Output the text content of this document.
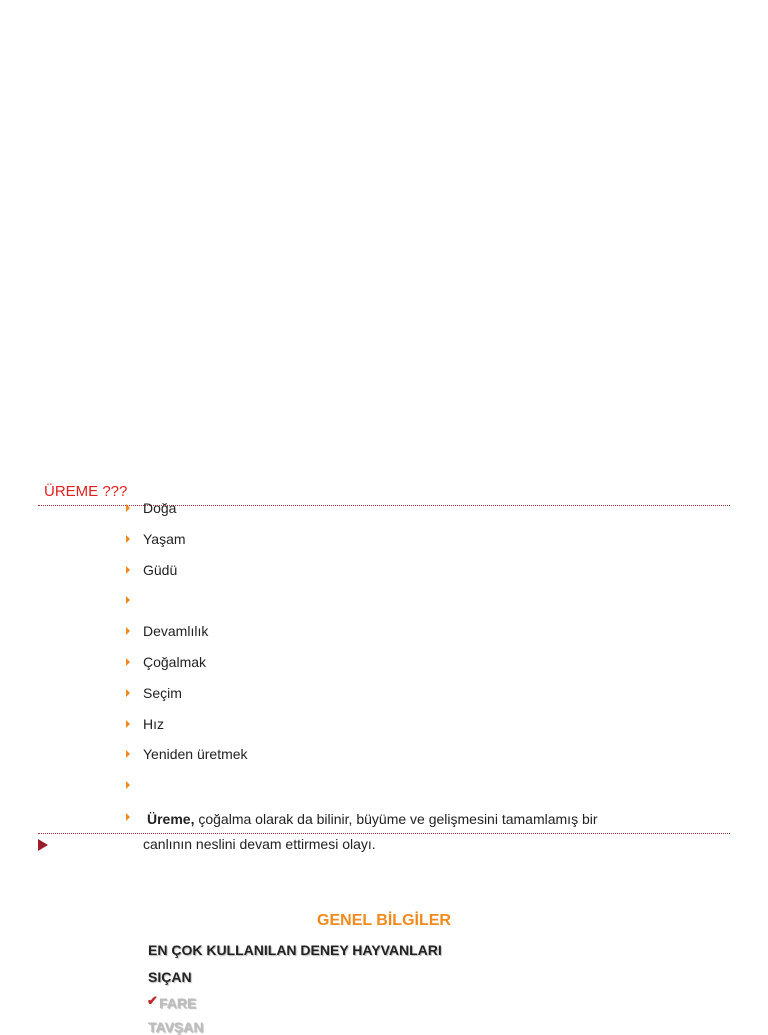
ÜREME ???
Doğa
Yaşam
Güdü
Devamlılık
Çoğalmak
Seçim
Hız
Yeniden üretmek
Üreme, çoğalma olarak da bilinir, büyüme ve gelişmesini tamamlamış bir canlının neslini devam ettirmesi olayı.
GENEL BİLGİLER
EN ÇOK KULLANILAN DENEY HAYVANLARI
SIÇAN
✔ FARE
TAVŞAN
